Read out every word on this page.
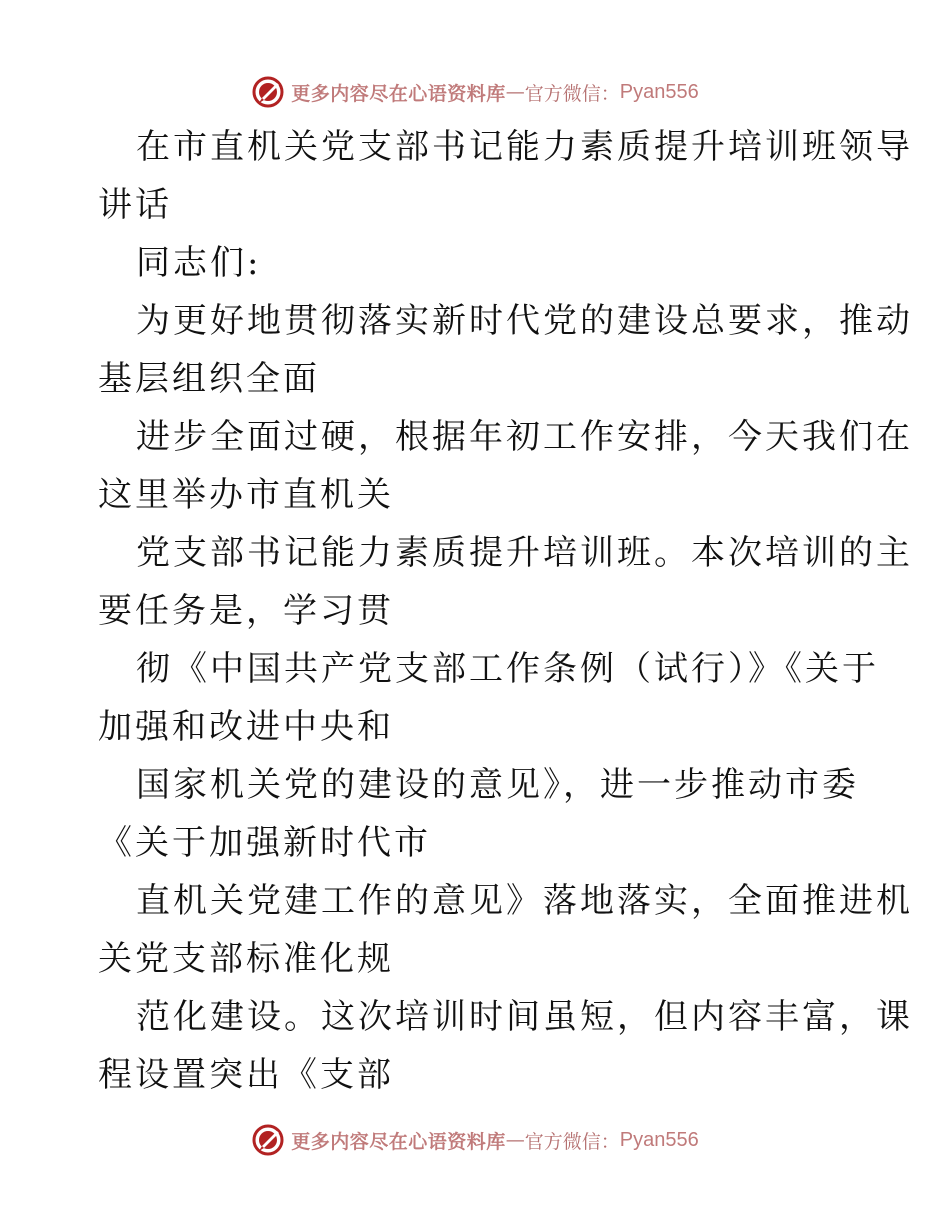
更多内容尽在心语资料库 — 官方微信： Pyan556
在市直机关党支部书记能力素质提升培训班领导
讲话
同志们:
为更好地贯彻落实新时代党的建设总要求，推动
基层组织全面
进步全面过硬，根据年初工作安排，今天我们在
这里举办市直机关
党支部书记能力素质提升培训班。本次培训的主
要任务是，学习贯
彻《中国共产党支部工作条例（试行）》《关于
加强和改进中央和
国家机关党的建设的意见》，进一步推动市委
《关于加强新时代市
直机关党建工作的意见》落地落实，全面推进机
关党支部标准化规
范化建设。这次培训时间虽短，但内容丰富，课
程设置突出《支部
更多内容尽在心语资料库 — 官方微信： Pyan556
